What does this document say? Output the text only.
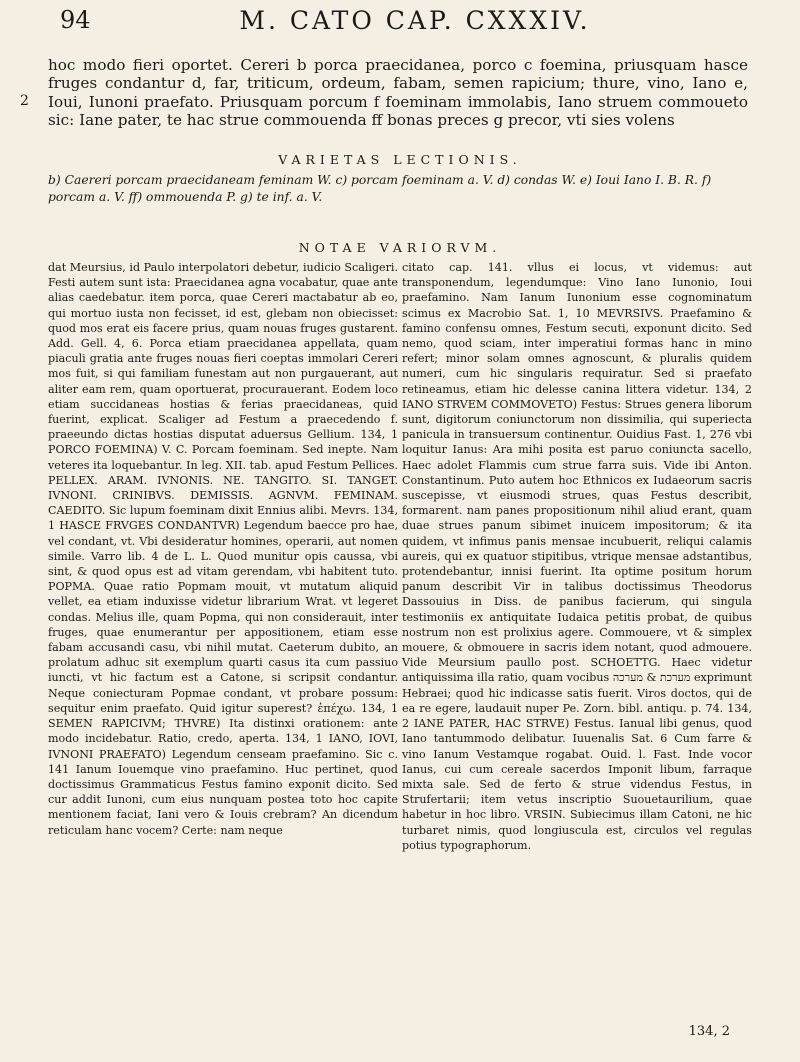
94	M. CATO CAP. CXXXIV.
2

hoc modo fieri oportet. Cereri b porca praecidanea, porco c foemina, priusquam hasce fruges condantur d, far, triticum, ordeum, fabam, semen rapicium; thure, vino, Iano e, Ioui, Iunoni praefato. Priusquam porcum f foeminam immolabis, Iano struem commoueto sic: Iane pater, te hac strue commouenda ff bonas preces g precor, vti sies volens

VARIETAS LECTIONIS.
b) Caereri porcam praecidaneam feminam W. c) porcam foeminam a. V. d) condas W. e) Ioui Iano I. B. R. f) porcam a. V. ff) ommouenda P. g) te inf. a. V.
NOTAE VARIORVM.

dat Meursius, id Paulo interpolatori debetur, iudicio Scaligeri. Festi autem sunt ista: Praecidanea agna vocabatur, quae ante alias caedebatur. item porca, quae Cereri mactabatur ab eo, qui mortuo iusta non fecisset, id est, glebam non obiecisset: quod mos erat eis facere prius, quam nouas fruges gustarent. Add. Gell. 4, 6. Porca etiam praecidanea appellata, quam piaculi gratia ante fruges nouas fieri coeptas immolari Cereri mos fuit, si qui familiam funestam aut non purgauerant, aut aliter eam rem, quam oportuerat, procurauerant. Eodem loco etiam succidaneas hostias & ferias praecidaneas, quid fuerint, explicat. Scaliger ad Festum a praecedendo f. praeeundo dictas hostias disputat aduersus Gellium. 134, 1 PORCO FOEMINA) V. C. Porcam foeminam. Sed inepte. Nam veteres ita loquebantur. In leg. XII. tab. apud Festum Pellices. PELLEX. ARAM. IVNONIS. NE. TANGITO. SI. TANGET. IVNONI. CRINIBVS. DEMISSIS. AGNVM. FEMINAM. CAEDITO. Sic lupum foeminam dixit Ennius alibi. Mevrs. 134, 1 HASCE FRVGES CONDANTVR) Legendum baecce pro hae, vel condant, vt. Vbi desideratur homines, operarii, aut nomen simile. Varro lib. 4 de L. L. Quod munitur opis caussa, vbi sint, & quod opus est ad vitam gerendam, vbi habitent tuto. POPMA. Quae ratio Popmam mouit, vt mutatum aliquid vellet, ea etiam induxisse videtur librarium Wrat. vt legeret condas. Melius ille, quam Popma, qui non considerauit, inter fruges, quae enumerantur per appositionem, etiam esse fabam accusandi casu, vbi nihil mutat. Caeterum dubito, an prolatum adhuc sit exemplum quarti casus ita cum passiuo iuncti, vt hic factum est a Catone, si scripsit condantur. Neque coniecturam Popmae condant, vt probare possum: sequitur enim praefato. Quid igitur superest? ἐπέχω. 134, 1 SEMEN RAPICIVM; THVRE) Ita distinxi orationem: ante modo incidebatur. Ratio, credo, aperta. 134, 1 IANO, IOVI, IVNONI PRAEFATO) Legendum censeam praefamino. Sic c. 141 Ianum Iouemque vino praefamino. Huc pertinet, quod doctissimus Grammaticus Festus famino exponit dicito. Sed cur addit Iunoni, cum eius nunquam postea toto hoc capite mentionem faciat, Iani vero & Iouis crebram? An dicendum reticulam hanc vocem? Certe: nam neque

citato cap. 141. vllus ei locus, vt videmus: aut transponendum, legendumque: Vino Iano Iunonio, Ioui praefamino. Nam Ianum Iunonium esse cognominatum scimus ex Macrobio Sat. 1, 10 MEVRSIVS. Praefamino & famino confensu omnes, Festum secuti, exponunt dicito. Sed nemo, quod sciam, inter imperatiui formas hanc in mino refert; minor solam omnes agnoscunt, & pluralis quidem numeri, cum hic singularis requiratur. Sed si praefato retineamus, etiam hic delesse canina littera videtur. 134, 2 IANO STRVEM COMMOVETO) Festus: Strues genera liborum sunt, digitorum coniunctorum non dissimilia, qui superiecta panicula in transuersum continentur. Ouidius Fast. 1, 276 vbi loquitur Ianus: Ara mihi posita est paruo coniuncta sacello, Haec adolet Flammis cum strue farra suis. Vide ibi Anton. Constantinum. Puto autem hoc Ethnicos ex Iudaeorum sacris suscepisse, vt eiusmodi strues, quas Festus describit, formarent. nam panes propositionum nihil aliud erant, quam duae strues panum sibimet inuicem impositorum; & ita quidem, vt infimus panis mensae incubuerit, reliqui calamis aureis, qui ex quatuor stipitibus, vtrique mensae adstantibus, protendebantur, innisi fuerint. Ita optime positum horum panum describit Vir in talibus doctissimus Theodorus Dassouius in Diss. de panibus facierum, qui singula testimoniis ex antiquitate Iudaica petitis probat, de quibus nostrum non est prolixius agere. Commouere, vt & simplex mouere, & obmouere in sacris idem notant, quod admouere. Vide Meursium paullo post. SCHOETTG. Haec videtur antiquissima illa ratio, quam vocibus מערכת & מערכה exprimunt Hebraei; quod hic indicasse satis fuerit. Viros doctos, qui de ea re egere, laudauit nuper Pe. Zorn. bibl. antiqu. p. 74. 134, 2 IANE PATER, HAC STRVE) Festus. Ianual libi genus, quod Iano tantummodo delibatur. Iuuenalis Sat. 6 Cum farre & vino Ianum Vestamque rogabat. Ouid. l. Fast. Inde vocor Ianus, cui cum cereale sacerdos Imponit libum, farraque mixta sale. Sed de ferto & strue videndus Festus, in Strufertarii; item vetus inscriptio Suouetaurilium, quae habetur in hoc libro. VRSIN. Subiecimus illam Catoni, ne hic turbaret nimis, quod longiuscula est, circulos vel regulas potius typographorum.

134, 2
